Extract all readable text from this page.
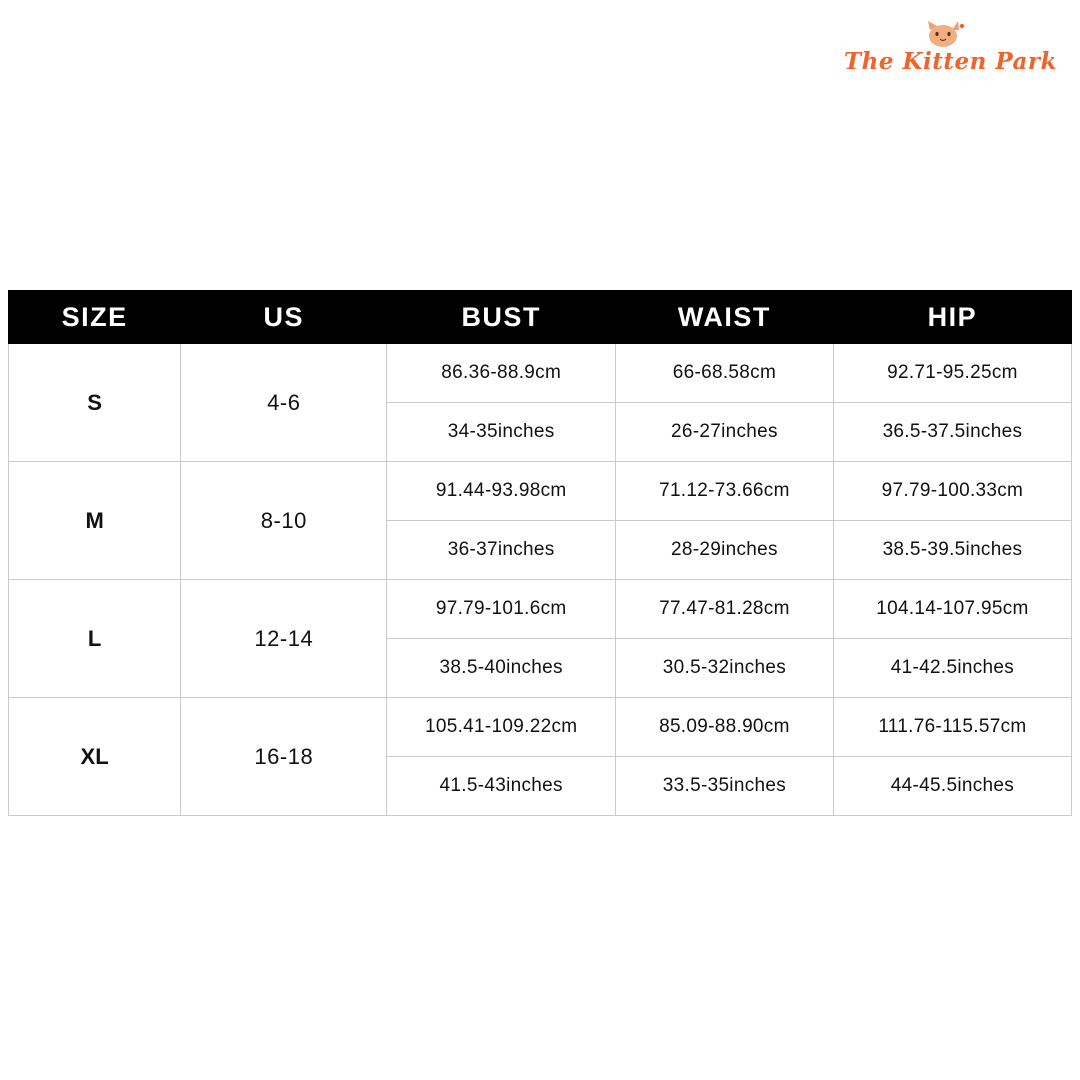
The Kitten Park
SIZE	US	BUST	WAIST	HIP
S	4-6	86.36-88.9cm	66-68.58cm	92.71-95.25cm
		34-35inches	26-27inches	36.5-37.5inches
M	8-10	91.44-93.98cm	71.12-73.66cm	97.79-100.33cm
		36-37inches	28-29inches	38.5-39.5inches
L	12-14	97.79-101.6cm	77.47-81.28cm	104.14-107.95cm
		38.5-40inches	30.5-32inches	41-42.5inches
XL	16-18	105.41-109.22cm	85.09-88.90cm	111.76-115.57cm
		41.5-43inches	33.5-35inches	44-45.5inches
